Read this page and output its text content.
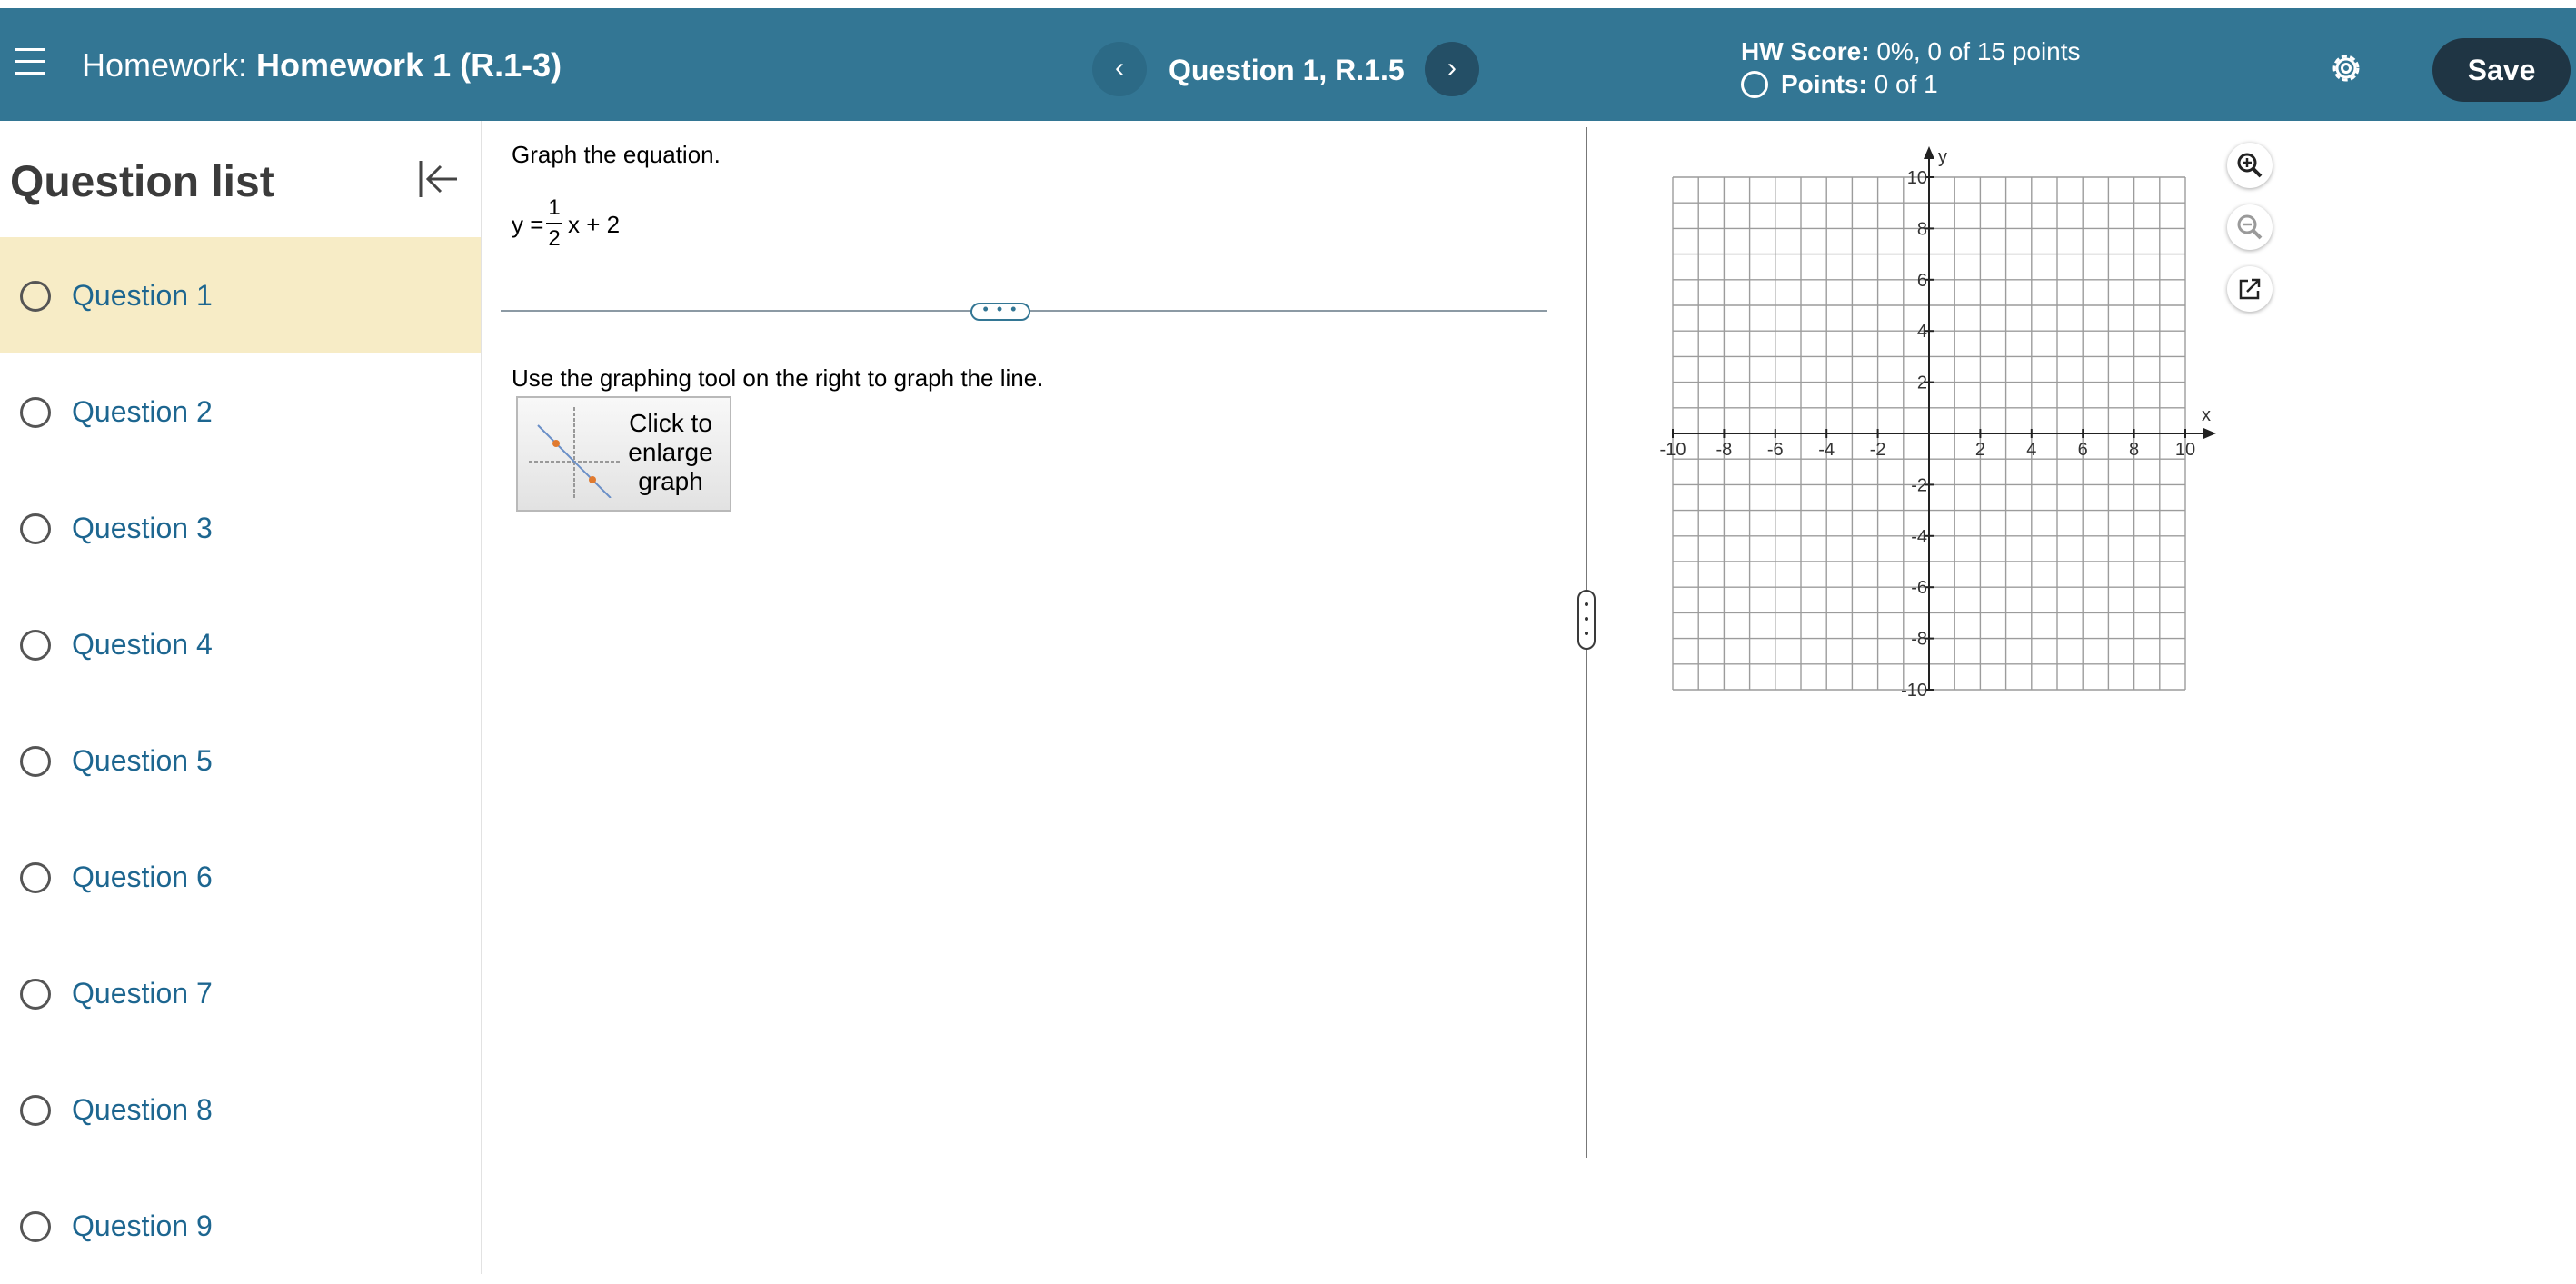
Homework: Homework 1 (R.1-3)	‹	Question 1, R.1.5	›
HW Score: 0%, 0 of 15 points
Points: 0 of 1	Save
Question list
Question 1
Question 2
Question 3
Question 4
Question 5
Question 6
Question 7
Question 8
Question 9
Graph the equation.
y =
1
2
x + 2
• • •
Use the graphing tool on the right to graph the line.
Click to
enlarge
graph
-10
-10
-8
-8
-6
-6
-4
-4
-2
-2
2
2
4
4
6
6
8
8
10
10
x
y
